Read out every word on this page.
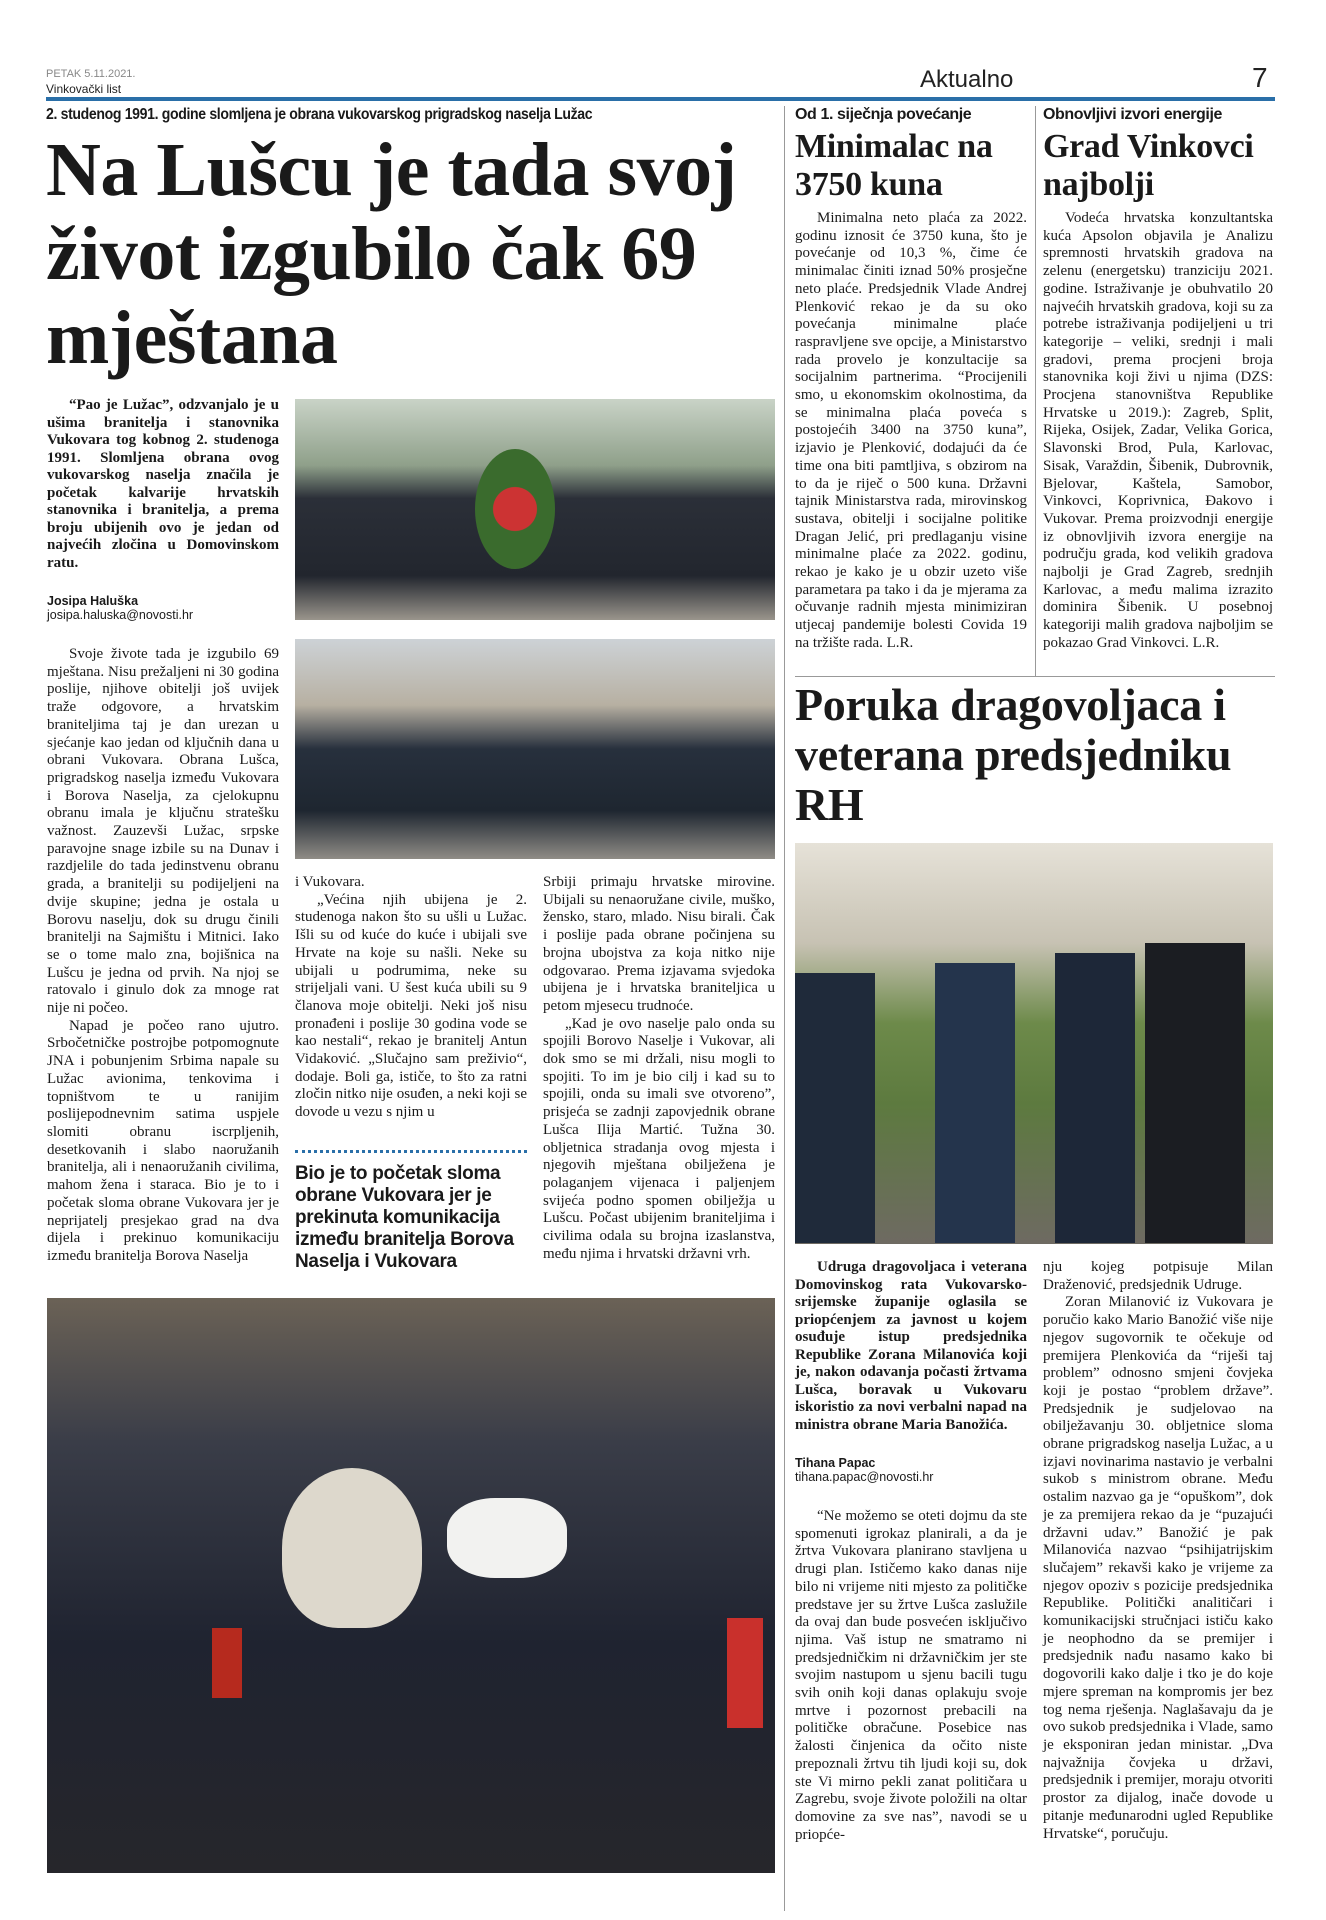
PETAK 5.11.2021.
Vinkovački list	Aktualno	7
2. studenog 1991. godine slomljena je obrana vukovarskog prigradskog naselja Lužac
Na Lušcu je tada svoj život izgubilo čak 69 mještana
“Pao je Lužac”, odzvanjalo je u ušima branitelja i stanovnika Vukovara tog kobnog 2. studenoga 1991. Slomljena obrana ovog vukovarskog naselja značila je početak kalvarije hrvatskih stanovnika i branitelja, a prema broju ubijenih ovo je jedan od najvećih zločina u Domovinskom ratu.
Josipa Haluška
josipa.haluska@novosti.hr

Svoje živote tada je izgubilo 69 mještana. Nisu prežaljeni ni 30 godina poslije, njihove obitelji još uvijek traže odgovore, a hrvatskim braniteljima taj je dan urezan u sjećanje kao jedan od ključnih dana u obrani Vukovara. Obrana Lušca, prigradskog naselja između Vukovara i Borova Naselja, za cjelokupnu obranu imala je ključnu stratešku važnost. Zauzevši Lužac, srpske paravojne snage izbile su na Dunav i razdjelile do tada jedinstvenu obranu grada, a branitelji su podijeljeni na dvije skupine; jedna je ostala u Borovu naselju, dok su drugu činili branitelji na Sajmištu i Mitnici. Iako se o tome malo zna, bojišnica na Lušcu je jedna od prvih. Na njoj se ratovalo i ginulo dok za mnoge rat nije ni počeo.

Napad je počeo rano ujutro. Srbočetničke postrojbe potpomognute JNA i pobunjenim Srbima napale su Lužac avionima, tenkovima i topništvom te u ranijim poslijepodnevnim satima uspjele slomiti obranu iscrpljenih, desetkovanih i slabo naoružanih branitelja, ali i nenaoružanih civilima, mahom žena i staraca. Bio je to i početak sloma obrane Vukovara jer je neprijatelj presjekao grad na dva dijela i prekinuo komunikaciju između branitelja Borova Naselja

i Vukovara.

„Većina njih ubijena je 2. studenoga nakon što su ušli u Lužac. Išli su od kuće do kuće i ubijali sve Hrvate na koje su našli. Neke su ubijali u podrumima, neke su strijeljali vani. U šest kuća ubili su 9 članova moje obitelji. Neki još nisu pronađeni i poslije 30 godina vode se kao nestali“, rekao je branitelj Antun Vidaković. „Slučajno sam preživio“, dodaje. Boli ga, ističe, to što za ratni zločin nitko nije osuđen, a neki koji se dovode u vezu s njim u

Bio je to početak sloma obrane Vukovara jer je prekinuta komunikacija između branitelja Borova Naselja i Vukovara

Srbiji primaju hrvatske mirovine. Ubijali su nenaoružane civile, muško, žensko, staro, mlado. Nisu birali. Čak i poslije pada obrane počinjena su brojna ubojstva za koja nitko nije odgovarao. Prema izjavama svjedoka ubijena je i hrvatska braniteljica u petom mjesecu trudnoće.

„Kad je ovo naselje palo onda su spojili Borovo Naselje i Vukovar, ali dok smo se mi držali, nisu mogli to spojiti. To im je bio cilj i kad su to spojili, onda su imali sve otvoreno”, prisjeća se zadnji zapovjednik obrane Lušca Ilija Martić. Tužna 30. obljetnica stradanja ovog mjesta i njegovih mještana obilježena je polaganjem vijenaca i paljenjem svijeća podno spomen obilježja u Lušcu. Počast ubijenim braniteljima i civilima odala su brojna izaslanstva, među njima i hrvatski državni vrh.

Od 1. siječnja povećanje
Minimalac na 3750 kuna

Minimalna neto plaća za 2022. godinu iznosit će 3750 kuna, što je povećanje od 10,3 %, čime će minimalac činiti iznad 50% prosječne neto plaće. Predsjednik Vlade Andrej Plenković rekao je da su oko povećanja minimalne plaće raspravljene sve opcije, a Ministarstvo rada provelo je konzultacije sa socijalnim partnerima. “Procijenili smo, u ekonomskim okolnostima, da se minimalna plaća poveća s postojećih 3400 na 3750 kuna”, izjavio je Plenković, dodajući da će time ona biti pamtljiva, s obzirom na to da je riječ o 500 kuna. Državni tajnik Ministarstva rada, mirovinskog sustava, obitelji i socijalne politike Dragan Jelić, pri predlaganju visine minimalne plaće za 2022. godinu, rekao je kako je u obzir uzeto više parametara pa tako i da je mjerama za očuvanje radnih mjesta minimiziran utjecaj pandemije bolesti Covida 19 na tržište rada. L.R.

Obnovljivi izvori energije
Grad Vinkovci najbolji

Vodeća hrvatska konzultantska kuća Apsolon objavila je Analizu spremnosti hrvatskih gradova na zelenu (energetsku) tranziciju 2021. godine. Istraživanje je obuhvatilo 20 najvećih hrvatskih gradova, koji su za potrebe istraživanja podijeljeni u tri kategorije – veliki, srednji i mali gradovi, prema procjeni broja stanovnika koji živi u njima (DZS: Procjena stanovništva Republike Hrvatske u 2019.): Zagreb, Split, Rijeka, Osijek, Zadar, Velika Gorica, Slavonski Brod, Pula, Karlovac, Sisak, Varaždin, Šibenik, Dubrovnik, Bjelovar, Kaštela, Samobor, Vinkovci, Koprivnica, Đakovo i Vukovar. Prema proizvodnji energije iz obnovljivih izvora energije na području grada, kod velikih gradova najbolji je Grad Zagreb, srednjih Karlovac, a među malima izrazito dominira Šibenik. U posebnoj kategoriji malih gradova najboljim se pokazao Grad Vinkovci. L.R.

Poruka dragovoljaca i veterana predsjedniku RH
Udruga dragovoljaca i veterana Domovinskog rata Vukovarsko-srijemske županije oglasila se priopćenjem za javnost u kojem osuđuje istup predsjednika Republike Zorana Milanovića koji je, nakon odavanja počasti žrtvama Lušca, boravak u Vukovaru iskoristio za novi verbalni napad na ministra obrane Maria Banožića.
Tihana Papac
tihana.papac@novosti.hr

“Ne možemo se oteti dojmu da ste spomenuti igrokaz planirali, a da je žrtva Vukovara planirano stavljena u drugi plan. Ističemo kako danas nije bilo ni vrijeme niti mjesto za političke predstave jer su žrtve Lušca zaslužile da ovaj dan bude posvećen isključivo njima. Vaš istup ne smatramo ni predsjedničkim ni državničkim jer ste svojim nastupom u sjenu bacili tugu svih onih koji danas oplakuju svoje mrtve i pozornost prebacili na političke obračune. Posebice nas žalosti činjenica da očito niste prepoznali žrtvu tih ljudi koji su, dok ste Vi mirno pekli zanat političara u Zagrebu, svoje živote položili na oltar domovine za sve nas”, navodi se u priopće-

nju kojeg potpisuje Milan Draženović, predsjednik Udruge.

Zoran Milanović iz Vukovara je poručio kako Mario Banožić više nije njegov sugovornik te očekuje od premijera Plenkovića da “riješi taj problem” odnosno smjeni čovjeka koji je postao “problem države”. Predsjednik je sudjelovao na obilježavanju 30. obljetnice sloma obrane prigradskog naselja Lužac, a u izjavi novinarima nastavio je verbalni sukob s ministrom obrane. Među ostalim nazvao ga je “opuškom”, dok je za premijera rekao da je “puzajući državni udav.” Banožić je pak Milanovića nazvao “psihijatrijskim slučajem” rekavši kako je vrijeme za njegov opoziv s pozicije predsjednika Republike. Politički analitičari i komunikacijski stručnjaci ističu kako je neophodno da se premijer i predsjednik nađu nasamo kako bi dogovorili kako dalje i tko je do koje mjere spreman na kompromis jer bez tog nema rješenja. Naglašavaju da je ovo sukob predsjednika i Vlade, samo je eksponiran jedan ministar. „Dva najvažnija čovjeka u državi, predsjednik i premijer, moraju otvoriti prostor za dijalog, inače dovode u pitanje međunarodni ugled Republike Hrvatske“, poručuju.
